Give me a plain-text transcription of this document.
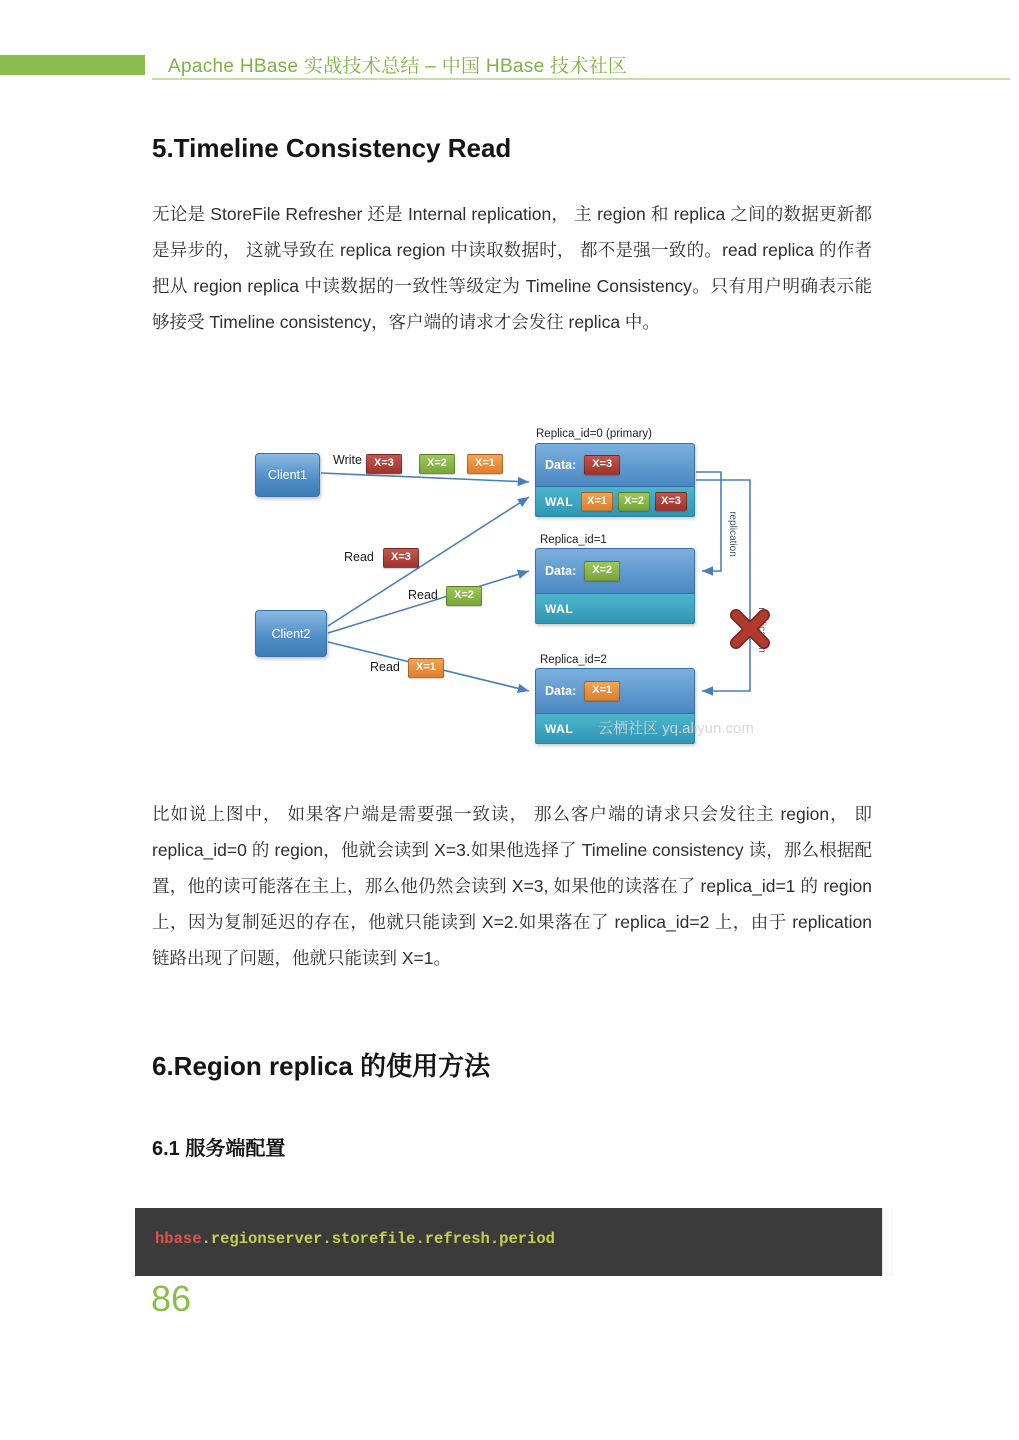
Apache HBase 实战技术总结 – 中国 HBase 技术社区
5.Timeline Consistency Read

无论是 StoreFile Refresher 还是 Internal replication， 主 region 和 replica 之间的数据更新都是异步的， 这就导致在 replica region 中读取数据时， 都不是强一致的。read replica 的作者把从 region replica 中读数据的一致性等级定为 Timeline Consistency。只有用户明确表示能够接受 Timeline consistency，客户端的请求才会发往 replica 中。

replication
replication
Replica_id=0 (primary)
Data:	X=3
WAL	X=1	X=2	X=3
Replica_id=1
Data:	X=2
WAL
Replica_id=2
Data:	X=1
WAL
Client1
Client2
Write	X=3	X=2	X=1
Read	X=3
Read	X=2
Read	X=1
云栖社区 yq.aliyun.com

比如说上图中， 如果客户端是需要强一致读， 那么客户端的请求只会发往主 region， 即 replica_id=0 的 region，他就会读到 X=3.如果他选择了 Timeline consistency 读，那么根据配置，他的读可能落在主上，那么他仍然会读到 X=3, 如果他的读落在了 replica_id=1 的 region 上，因为复制延迟的存在，他就只能读到 X=2.如果落在了 replica_id=2 上，由于 replication 链路出现了问题，他就只能读到 X=1。

6.Region replica 的使用方法
6.1 服务端配置
hbase.regionserver.storefile.refresh.period
86
